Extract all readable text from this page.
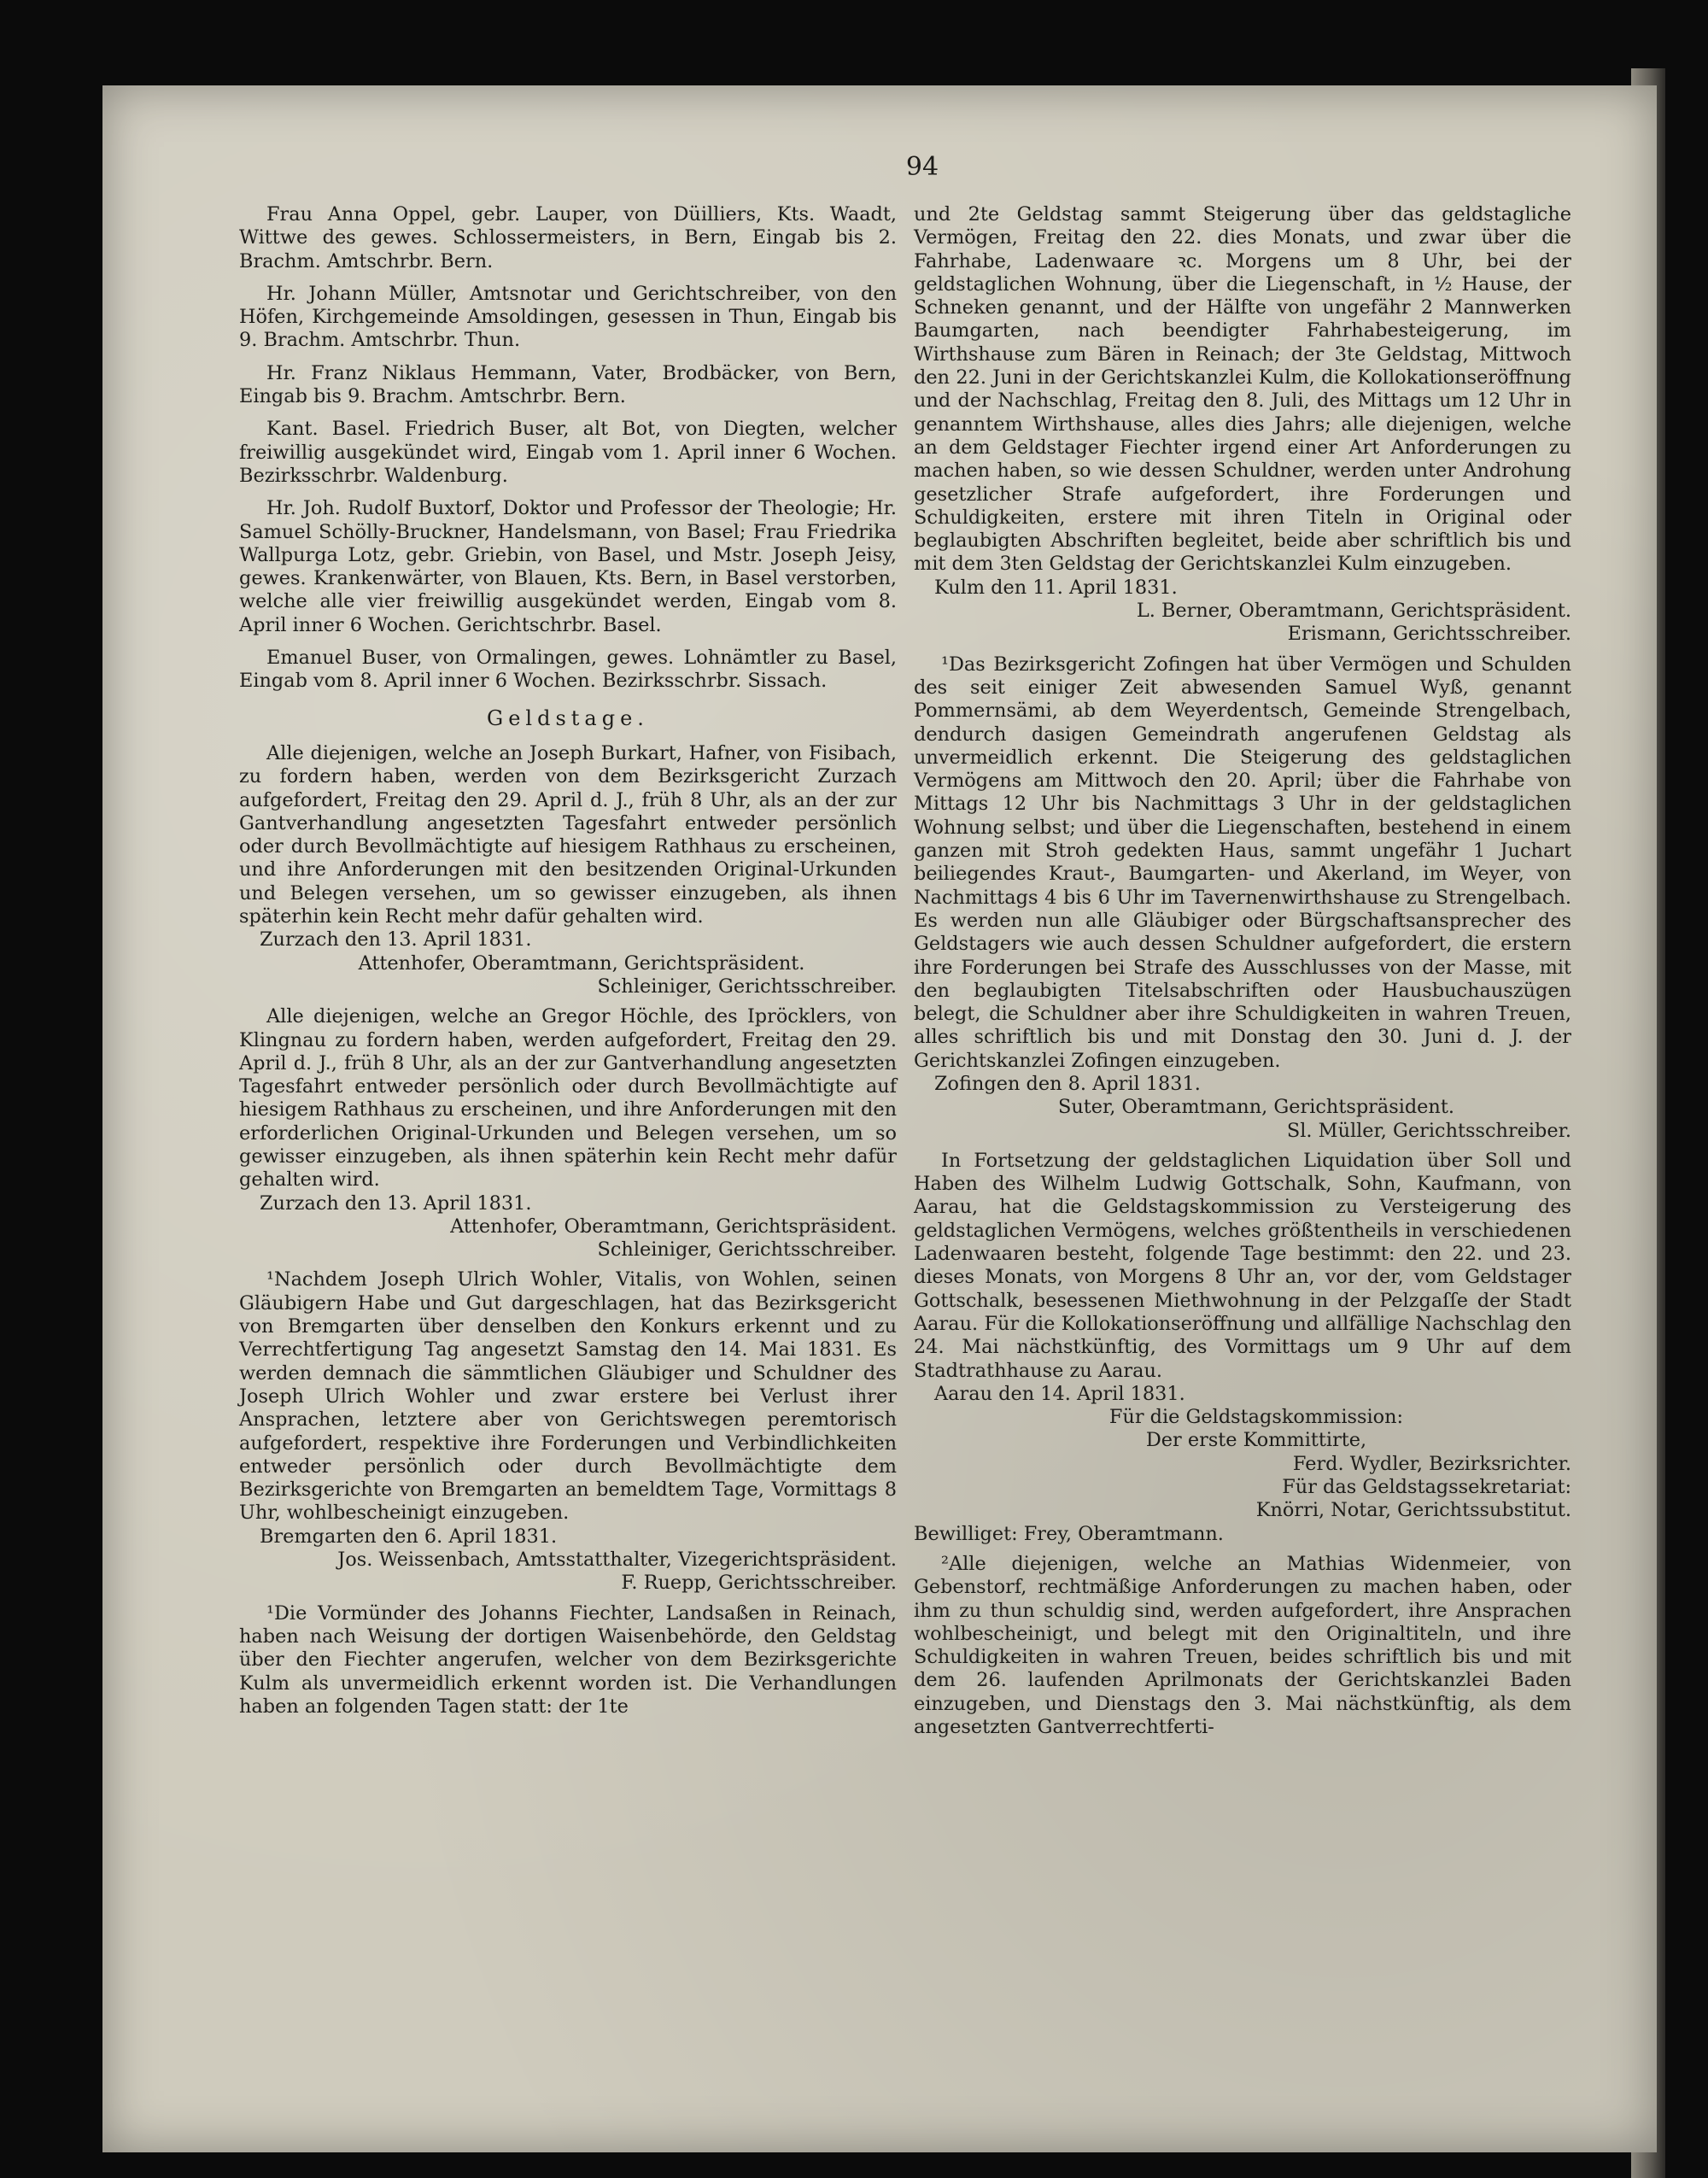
94

Frau Anna Oppel, gebr. Lauper, von Düilliers, Kts. Waadt, Wittwe des gewes. Schlossermeisters, in Bern, Eingab bis 2. Brachm. Amtschrbr. Bern.

Hr. Johann Müller, Amtsnotar und Gerichtschreiber, von den Höfen, Kirchgemeinde Amsoldingen, gesessen in Thun, Eingab bis 9. Brachm. Amtschrbr. Thun.

Hr. Franz Niklaus Hemmann, Vater, Brodbäcker, von Bern, Eingab bis 9. Brachm. Amtschrbr. Bern.

Kant. Basel. Friedrich Buser, alt Bot, von Diegten, welcher freiwillig ausgekündet wird, Eingab vom 1. April inner 6 Wochen. Bezirksschrbr. Waldenburg.

Hr. Joh. Rudolf Buxtorf, Doktor und Professor der Theologie; Hr. Samuel Schölly-Bruckner, Handelsmann, von Basel; Frau Friedrika Wallpurga Lotz, gebr. Griebin, von Basel, und Mstr. Joseph Jeisy, gewes. Krankenwärter, von Blauen, Kts. Bern, in Basel verstorben, welche alle vier freiwillig ausgekündet werden, Eingab vom 8. April inner 6 Wochen. Gerichtschrbr. Basel.

Emanuel Buser, von Ormalingen, gewes. Lohnämtler zu Basel, Eingab vom 8. April inner 6 Wochen. Bezirksschrbr. Sissach.

Geldstage.

Alle diejenigen, welche an Joseph Burkart, Hafner, von Fisibach, zu fordern haben, werden von dem Bezirksgericht Zurzach aufgefordert, Freitag den 29. April d. J., früh 8 Uhr, als an der zur Gantverhandlung angesetzten Tagesfahrt entweder persönlich oder durch Bevollmächtigte auf hiesigem Rathhaus zu erscheinen, und ihre Anforderungen mit den besitzenden Original-Urkunden und Belegen versehen, um so gewisser einzugeben, als ihnen späterhin kein Recht mehr dafür gehalten wird.

Zurzach den 13. April 1831.

Attenhofer, Oberamtmann, Gerichtspräsident.

Schleiniger, Gerichtsschreiber.

Alle diejenigen, welche an Gregor Höchle, des Ipröcklers, von Klingnau zu fordern haben, werden aufgefordert, Freitag den 29. April d. J., früh 8 Uhr, als an der zur Gantverhandlung angesetzten Tagesfahrt entweder persönlich oder durch Bevollmächtigte auf hiesigem Rathhaus zu erscheinen, und ihre Anforderungen mit den erforderlichen Original-Urkunden und Belegen versehen, um so gewisser einzugeben, als ihnen späterhin kein Recht mehr dafür gehalten wird.

Zurzach den 13. April 1831.

Attenhofer, Oberamtmann, Gerichtspräsident.

Schleiniger, Gerichtsschreiber.

¹Nachdem Joseph Ulrich Wohler, Vitalis, von Wohlen, seinen Gläubigern Habe und Gut dargeschlagen, hat das Bezirksgericht von Bremgarten über denselben den Konkurs erkennt und zu Verrechtfertigung Tag angesetzt Samstag den 14. Mai 1831. Es werden demnach die sämmtlichen Gläubiger und Schuldner des Joseph Ulrich Wohler und zwar erstere bei Verlust ihrer Ansprachen, letztere aber von Gerichtswegen peremtorisch aufgefordert, respektive ihre Forderungen und Verbindlichkeiten entweder persönlich oder durch Bevollmächtigte dem Bezirksgerichte von Bremgarten an bemeldtem Tage, Vormittags 8 Uhr, wohlbescheinigt einzugeben.

Bremgarten den 6. April 1831.

Jos. Weissenbach, Amtsstatthalter, Vizegerichtspräsident.

F. Ruepp, Gerichtsschreiber.

¹Die Vormünder des Johanns Fiechter, Landsaßen in Reinach, haben nach Weisung der dortigen Waisenbehörde, den Geldstag über den Fiechter angerufen, welcher von dem Bezirksgerichte Kulm als unvermeidlich erkennt worden ist. Die Verhandlungen haben an folgenden Tagen statt: der 1te

und 2te Geldstag sammt Steigerung über das geldstagliche Vermögen, Freitag den 22. dies Monats, und zwar über die Fahrhabe, Ladenwaare ꝛc. Morgens um 8 Uhr, bei der geldstaglichen Wohnung, über die Liegenschaft, in ½ Hause, der Schneken genannt, und der Hälfte von ungefähr 2 Mannwerken Baumgarten, nach beendigter Fahrhabesteigerung, im Wirthshause zum Bären in Reinach; der 3te Geldstag, Mittwoch den 22. Juni in der Gerichtskanzlei Kulm, die Kollokationseröffnung und der Nachschlag, Freitag den 8. Juli, des Mittags um 12 Uhr in genanntem Wirthshause, alles dies Jahrs; alle diejenigen, welche an dem Geldstager Fiechter irgend einer Art Anforderungen zu machen haben, so wie dessen Schuldner, werden unter Androhung gesetzlicher Strafe aufgefordert, ihre Forderungen und Schuldigkeiten, erstere mit ihren Titeln in Original oder beglaubigten Abschriften begleitet, beide aber schriftlich bis und mit dem 3ten Geldstag der Gerichtskanzlei Kulm einzugeben.

Kulm den 11. April 1831.

L. Berner, Oberamtmann, Gerichtspräsident.

Erismann, Gerichtsschreiber.

¹Das Bezirksgericht Zofingen hat über Vermögen und Schulden des seit einiger Zeit abwesenden Samuel Wyß, genannt Pommernsämi, ab dem Weyerdentsch, Gemeinde Strengelbach, dendurch dasigen Gemeindrath angerufenen Geldstag als unvermeidlich erkennt. Die Steigerung des geldstaglichen Vermögens am Mittwoch den 20. April; über die Fahrhabe von Mittags 12 Uhr bis Nachmittags 3 Uhr in der geldstaglichen Wohnung selbst; und über die Liegenschaften, bestehend in einem ganzen mit Stroh gedekten Haus, sammt ungefähr 1 Juchart beiliegendes Kraut-, Baumgarten- und Akerland, im Weyer, von Nachmittags 4 bis 6 Uhr im Tavernenwirthshause zu Strengelbach. Es werden nun alle Gläubiger oder Bürgschaftsansprecher des Geldstagers wie auch dessen Schuldner aufgefordert, die erstern ihre Forderungen bei Strafe des Ausschlusses von der Masse, mit den beglaubigten Titelsabschriften oder Hausbuchauszügen belegt, die Schuldner aber ihre Schuldigkeiten in wahren Treuen, alles schriftlich bis und mit Donstag den 30. Juni d. J. der Gerichtskanzlei Zofingen einzugeben.

Zofingen den 8. April 1831.

Suter, Oberamtmann, Gerichtspräsident.

Sl. Müller, Gerichtsschreiber.

In Fortsetzung der geldstaglichen Liquidation über Soll und Haben des Wilhelm Ludwig Gottschalk, Sohn, Kaufmann, von Aarau, hat die Geldstagskommission zu Versteigerung des geldstaglichen Vermögens, welches größtentheils in verschiedenen Ladenwaaren besteht, folgende Tage bestimmt: den 22. und 23. dieses Monats, von Morgens 8 Uhr an, vor der, vom Geldstager Gottschalk, besessenen Miethwohnung in der Pelzgaſſe der Stadt Aarau. Für die Kollokationseröffnung und allfällige Nachschlag den 24. Mai nächstkünftig, des Vormittags um 9 Uhr auf dem Stadtrathhause zu Aarau.

Aarau den 14. April 1831.

Für die Geldstagskommission:

Der erste Kommittirte,

Ferd. Wydler, Bezirksrichter.

Für das Geldstagssekretariat:

Knörri, Notar, Gerichtssubstitut.

Bewilliget: Frey, Oberamtmann.

²Alle diejenigen, welche an Mathias Widenmeier, von Gebenstorf, rechtmäßige Anforderungen zu machen haben, oder ihm zu thun schuldig sind, werden aufgefordert, ihre Ansprachen wohlbescheinigt, und belegt mit den Originaltiteln, und ihre Schuldigkeiten in wahren Treuen, beides schriftlich bis und mit dem 26. laufenden Aprilmonats der Gerichtskanzlei Baden einzugeben, und Dienstags den 3. Mai nächstkünftig, als dem angesetzten Gantverrechtferti-
